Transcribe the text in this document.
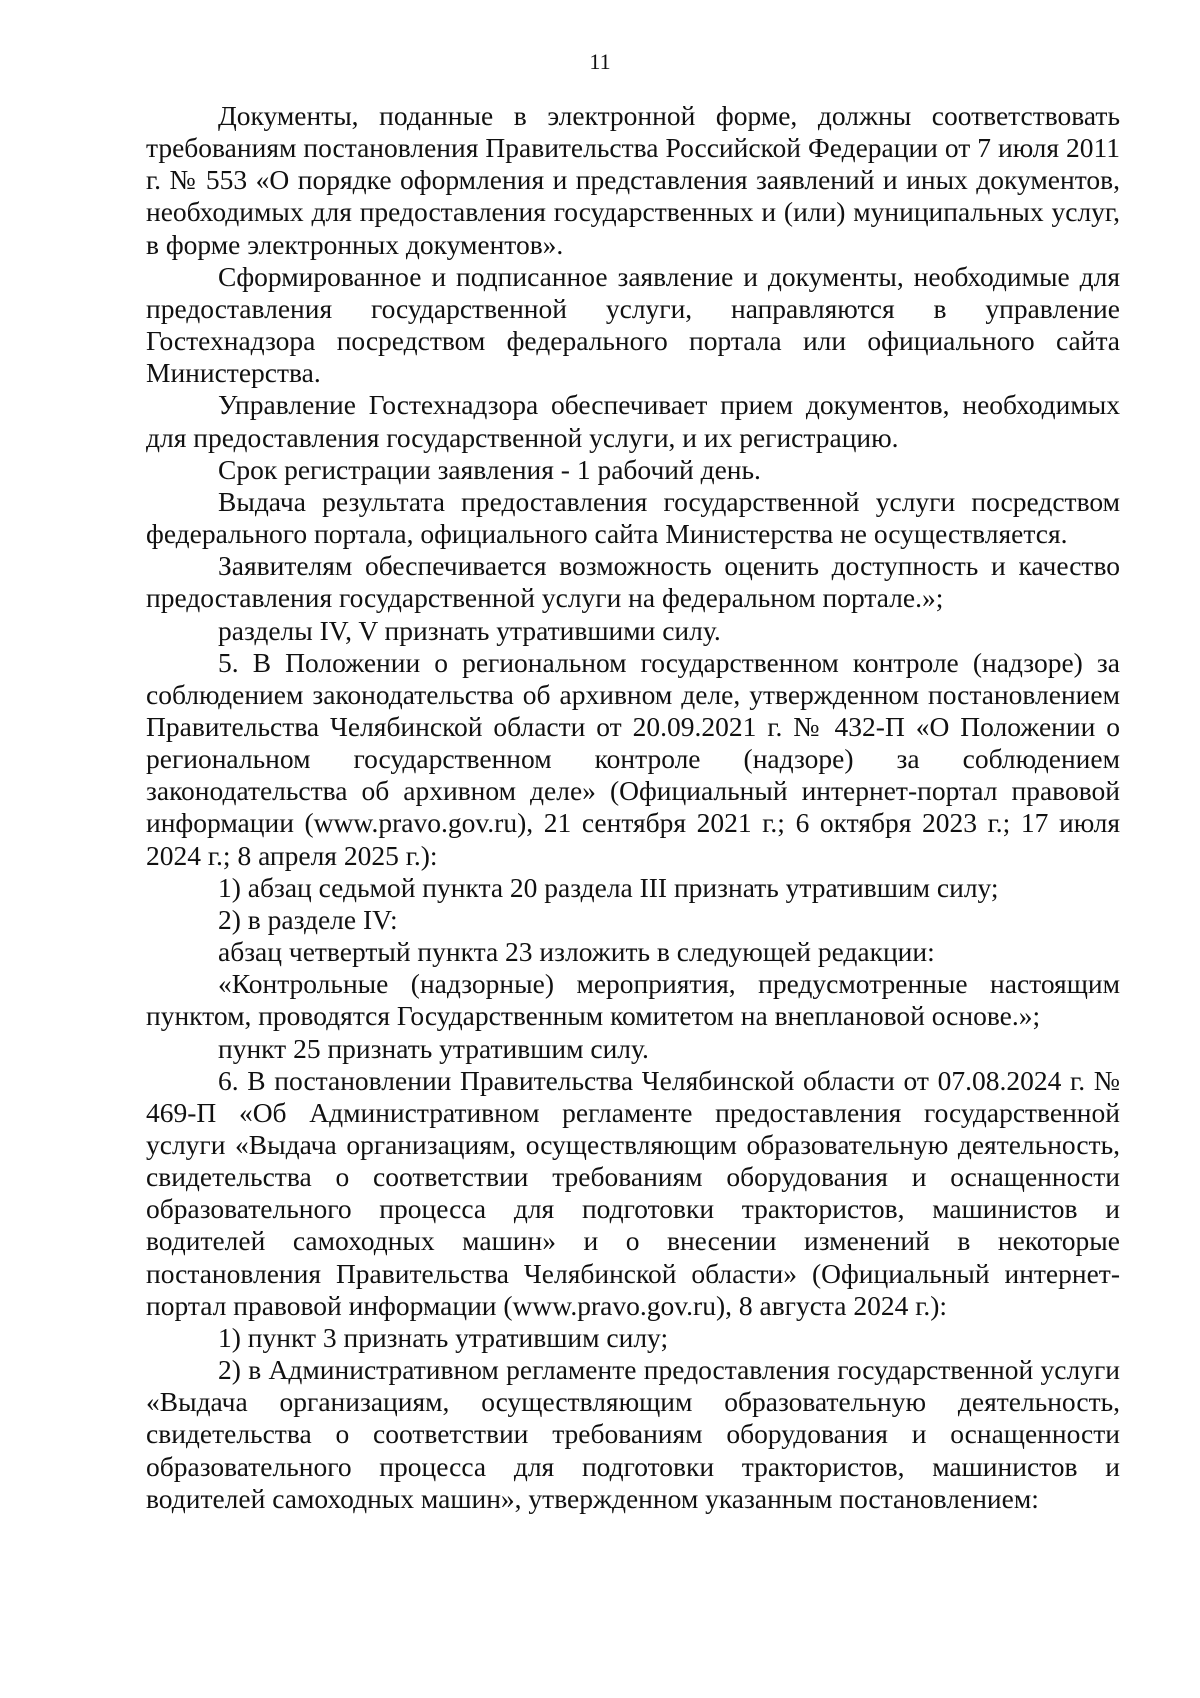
11

Документы, поданные в электронной форме, должны соответствовать требованиям постановления Правительства Российской Федерации от 7 июля 2011 г. № 553 «О порядке оформления и представления заявлений и иных документов, необходимых для предоставления государственных и (или) муниципальных услуг, в форме электронных документов».

Сформированное и подписанное заявление и документы, необходимые для предоставления государственной услуги, направляются в управление Гостехнадзора посредством федерального портала или официального сайта Министерства.

Управление Гостехнадзора обеспечивает прием документов, необходимых для предоставления государственной услуги, и их регистрацию.

Срок регистрации заявления - 1 рабочий день.

Выдача результата предоставления государственной услуги посредством федерального портала, официального сайта Министерства не осуществляется.

Заявителям обеспечивается возможность оценить доступность и качество предоставления государственной услуги на федеральном портале.»;

разделы IV, V признать утратившими силу.

5. В Положении о региональном государственном контроле (надзоре) за соблюдением законодательства об архивном деле, утвержденном постановлением Правительства Челябинской области от 20.09.2021 г. № 432-П «О Положении о региональном государственном контроле (надзоре) за соблюдением законодательства об архивном деле» (Официальный интернет-портал правовой информации (www.pravo.gov.ru), 21 сентября 2021 г.; 6 октября 2023 г.; 17 июля 2024 г.; 8 апреля 2025 г.):

1) абзац седьмой пункта 20 раздела III признать утратившим силу;

2) в разделе IV:

абзац четвертый пункта 23 изложить в следующей редакции:

«Контрольные (надзорные) мероприятия, предусмотренные настоящим пунктом, проводятся Государственным комитетом на внеплановой основе.»;

пункт 25 признать утратившим силу.

6. В постановлении Правительства Челябинской области от 07.08.2024 г. № 469-П «Об Административном регламенте предоставления государственной услуги «Выдача организациям, осуществляющим образовательную деятельность, свидетельства о соответствии требованиям оборудования и оснащенности образовательного процесса для подготовки трактористов, машинистов и водителей самоходных машин» и о внесении изменений в некоторые постановления Правительства Челябинской области» (Официальный интернет-портал правовой информации (www.pravo.gov.ru), 8 августа 2024 г.):

1) пункт 3 признать утратившим силу;

2) в Административном регламенте предоставления государственной услуги «Выдача организациям, осуществляющим образовательную деятельность, свидетельства о соответствии требованиям оборудования и оснащенности образовательного процесса для подготовки трактористов, машинистов и водителей самоходных машин», утвержденном указанным постановлением:
